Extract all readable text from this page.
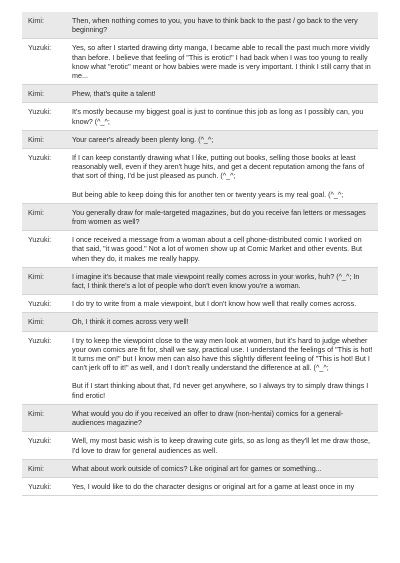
Kimi:	Then, when nothing comes to you, you have to think back to the past / go back to the very beginning?

Yuzuki:	Yes, so after I started drawing dirty manga, I became able to recall the past much more vividly than before. I believe that feeling of "This is erotic!" I had back when I was too young to really know what "erotic" meant or how babies were made is very important. I think I still carry that in me...

Kimi:	Phew, that's quite a talent!

Yuzuki:	It's mostly because my biggest goal is just to continue this job as long as I possibly can, you know? (^_^;

Kimi:	Your career's already been plenty long. (^_^;

Yuzuki:	If I can keep constantly drawing what I like, putting out books, selling those books at least reasonably well, even if they aren't huge hits, and get a decent reputation among the fans of that sort of thing, I'd be just pleased as punch. (^_^;

But being able to keep doing this for another ten or twenty years is my real goal. (^_^;

Kimi:	You generally draw for male-targeted magazines, but do you receive fan letters or messages from women as well?

Yuzuki:	I once received a message from a woman about a cell phone-distributed comic I worked on that said, "it was good." Not a lot of women show up at Comic Market and other events. But when they do, it makes me really happy.

Kimi:	I imagine it's because that male viewpoint really comes across in your works, huh? (^_^; In fact, I think there's a lot of people who don't even know you're a woman.

Yuzuki:	I do try to write from a male viewpoint, but I don't know how well that really comes across.

Kimi:	Oh, I think it comes across very well!

Yuzuki:	I try to keep the viewpoint close to the way men look at women, but it's hard to judge whether your own comics are fit for, shall we say, practical use. I understand the feelings of "This is hot! It turns me on!" but I know men can also have this slightly different feeling of "This is hot! But I can't jerk off to it!" as well, and I don't really understand the difference at all. (^_^;

But if I start thinking about that, I'd never get anywhere, so I always try to simply draw things I find erotic!

Kimi:	What would you do if you received an offer to draw (non-hentai) comics for a general-audiences magazine?

Yuzuki:	Well, my most basic wish is to keep drawing cute girls, so as long as they'll let me draw those, I'd love to draw for general audiences as well.

Kimi:	What about work outside of comics? Like original art for games or something...

Yuzuki:	Yes, I would like to do the character designs or original art for a game at least once in my
